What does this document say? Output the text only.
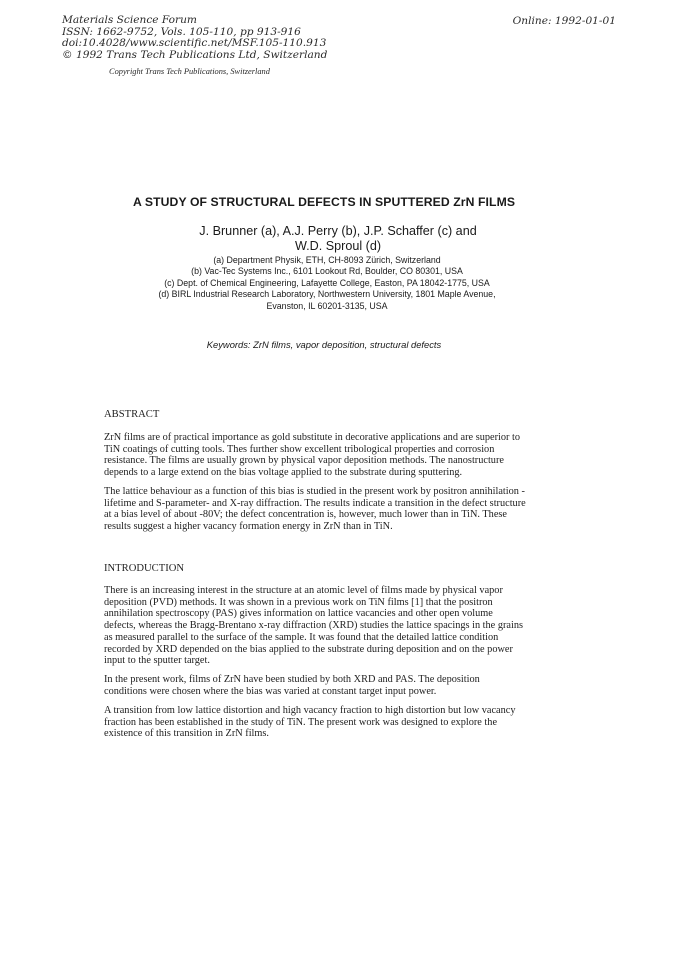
Materials Science Forum
ISSN: 1662-9752, Vols. 105-110, pp 913-916
doi:10.4028/www.scientific.net/MSF.105-110.913
© 1992 Trans Tech Publications Ltd, Switzerland
Copyright Trans Tech Publications, Switzerland
Online: 1992-01-01
A STUDY OF STRUCTURAL DEFECTS IN SPUTTERED ZrN FILMS
J. Brunner (a), A.J. Perry (b), J.P. Schaffer (c) and
W.D. Sproul (d)
(a) Department Physik, ETH, CH-8093 Zürich, Switzerland
(b) Vac-Tec Systems Inc., 6101 Lookout Rd, Boulder, CO 80301, USA
(c) Dept. of Chemical Engineering, Lafayette College, Easton, PA 18042-1775, USA
(d) BIRL Industrial Research Laboratory, Northwestern University, 1801 Maple Avenue,
Evanston, IL 60201-3135, USA
Keywords: ZrN films, vapor deposition, structural defects
ABSTRACT
ZrN films are of practical importance as gold substitute in decorative applications and are superior to
TiN coatings of cutting tools. Thes further show excellent tribological properties and corrosion
resistance. The films are usually grown by physical vapor deposition methods. The nanostructure
depends to a large extend on the bias voltage applied to the substrate during sputtering.
The lattice behaviour as a function of this bias is studied in the present work by positron annihilation -
lifetime and S-parameter- and X-ray diffraction. The results indicate a transition in the defect structure
at a bias level of about -80V; the defect concentration is, however, much lower than in TiN. These
results suggest a higher vacancy formation energy in ZrN than in TiN.
INTRODUCTION
There is an increasing interest in the structure at an atomic level of films made by physical vapor
deposition (PVD) methods. It was shown in a previous work on TiN films [1] that the positron
annihilation spectroscopy (PAS) gives information on lattice vacancies and other open volume
defects, whereas the Bragg-Brentano x-ray diffraction (XRD) studies the lattice spacings in the grains
as measured parallel to the surface of the sample. It was found that the detailed lattice condition
recorded by XRD depended on the bias applied to the substrate during deposition and on the power
input to the sputter target.
In the present work, films of ZrN have been studied by both XRD and PAS. The deposition
conditions were chosen where the bias was varied at constant target input power.
A transition from low lattice distortion and high vacancy fraction to high distortion but low vacancy
fraction has been established in the study of TiN. The present work was designed to explore the
existence of this transition in ZrN films.
